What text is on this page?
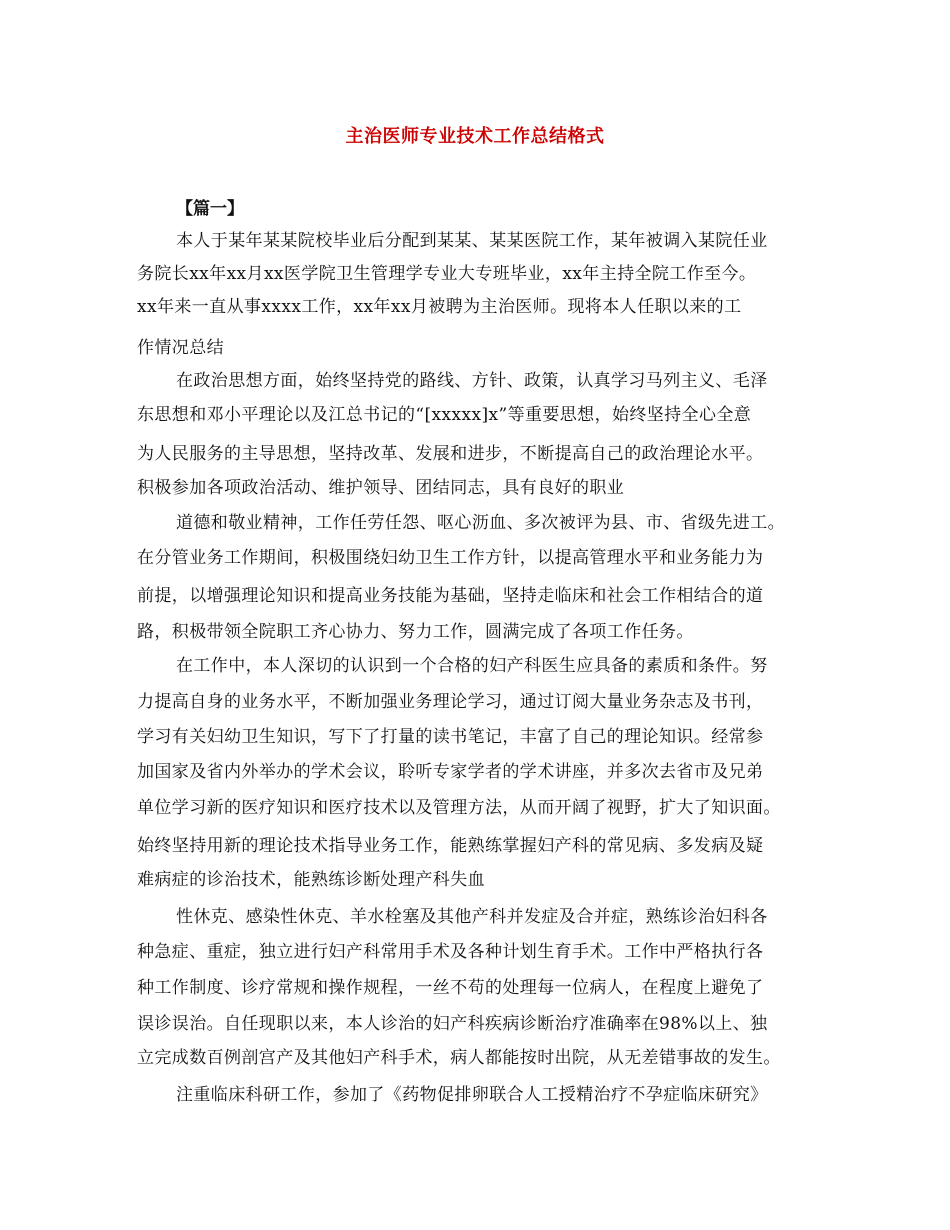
主治医师专业技术工作总结格式
【篇一】
本人于某年某某院校毕业后分配到某某、某某医院工作，某年被调入某院任业
务院长xx年xx月xx医学院卫生管理学专业大专班毕业，xx年主持全院工作至今。
xx年来一直从事xxxx工作，xx年xx月被聘为主治医师。现将本人任职以来的工
作情况总结
在政治思想方面，始终坚持党的路线、方针、政策，认真学习马列主义、毛泽
东思想和邓小平理论以及江总书记的“[xxxxx]x”等重要思想，始终坚持全心全意
为人民服务的主导思想，坚持改革、发展和进步，不断提高自己的政治理论水平。
积极参加各项政治活动、维护领导、团结同志，具有良好的职业
道德和敬业精神，工作任劳任怨、呕心沥血、多次被评为县、市、省级先进工。
在分管业务工作期间，积极围绕妇幼卫生工作方针，以提高管理水平和业务能力为
前提，以增强理论知识和提高业务技能为基础，坚持走临床和社会工作相结合的道
路，积极带领全院职工齐心协力、努力工作，圆满完成了各项工作任务。
在工作中，本人深切的认识到一个合格的妇产科医生应具备的素质和条件。努
力提高自身的业务水平，不断加强业务理论学习，通过订阅大量业务杂志及书刊，
学习有关妇幼卫生知识，写下了打量的读书笔记，丰富了自己的理论知识。经常参
加国家及省内外举办的学术会议，聆听专家学者的学术讲座，并多次去省市及兄弟
单位学习新的医疗知识和医疗技术以及管理方法，从而开阔了视野，扩大了知识面。
始终坚持用新的理论技术指导业务工作，能熟练掌握妇产科的常见病、多发病及疑
难病症的诊治技术，能熟练诊断处理产科失血
性休克、感染性休克、羊水栓塞及其他产科并发症及合并症，熟练诊治妇科各
种急症、重症，独立进行妇产科常用手术及各种计划生育手术。工作中严格执行各
种工作制度、诊疗常规和操作规程，一丝不苟的处理每一位病人，在程度上避免了
误诊误治。自任现职以来，本人诊治的妇产科疾病诊断治疗准确率在98%以上、独
立完成数百例剖宫产及其他妇产科手术，病人都能按时出院，从无差错事故的发生。
注重临床科研工作，参加了《药物促排卵联合人工授精治疗不孕症临床研究》
